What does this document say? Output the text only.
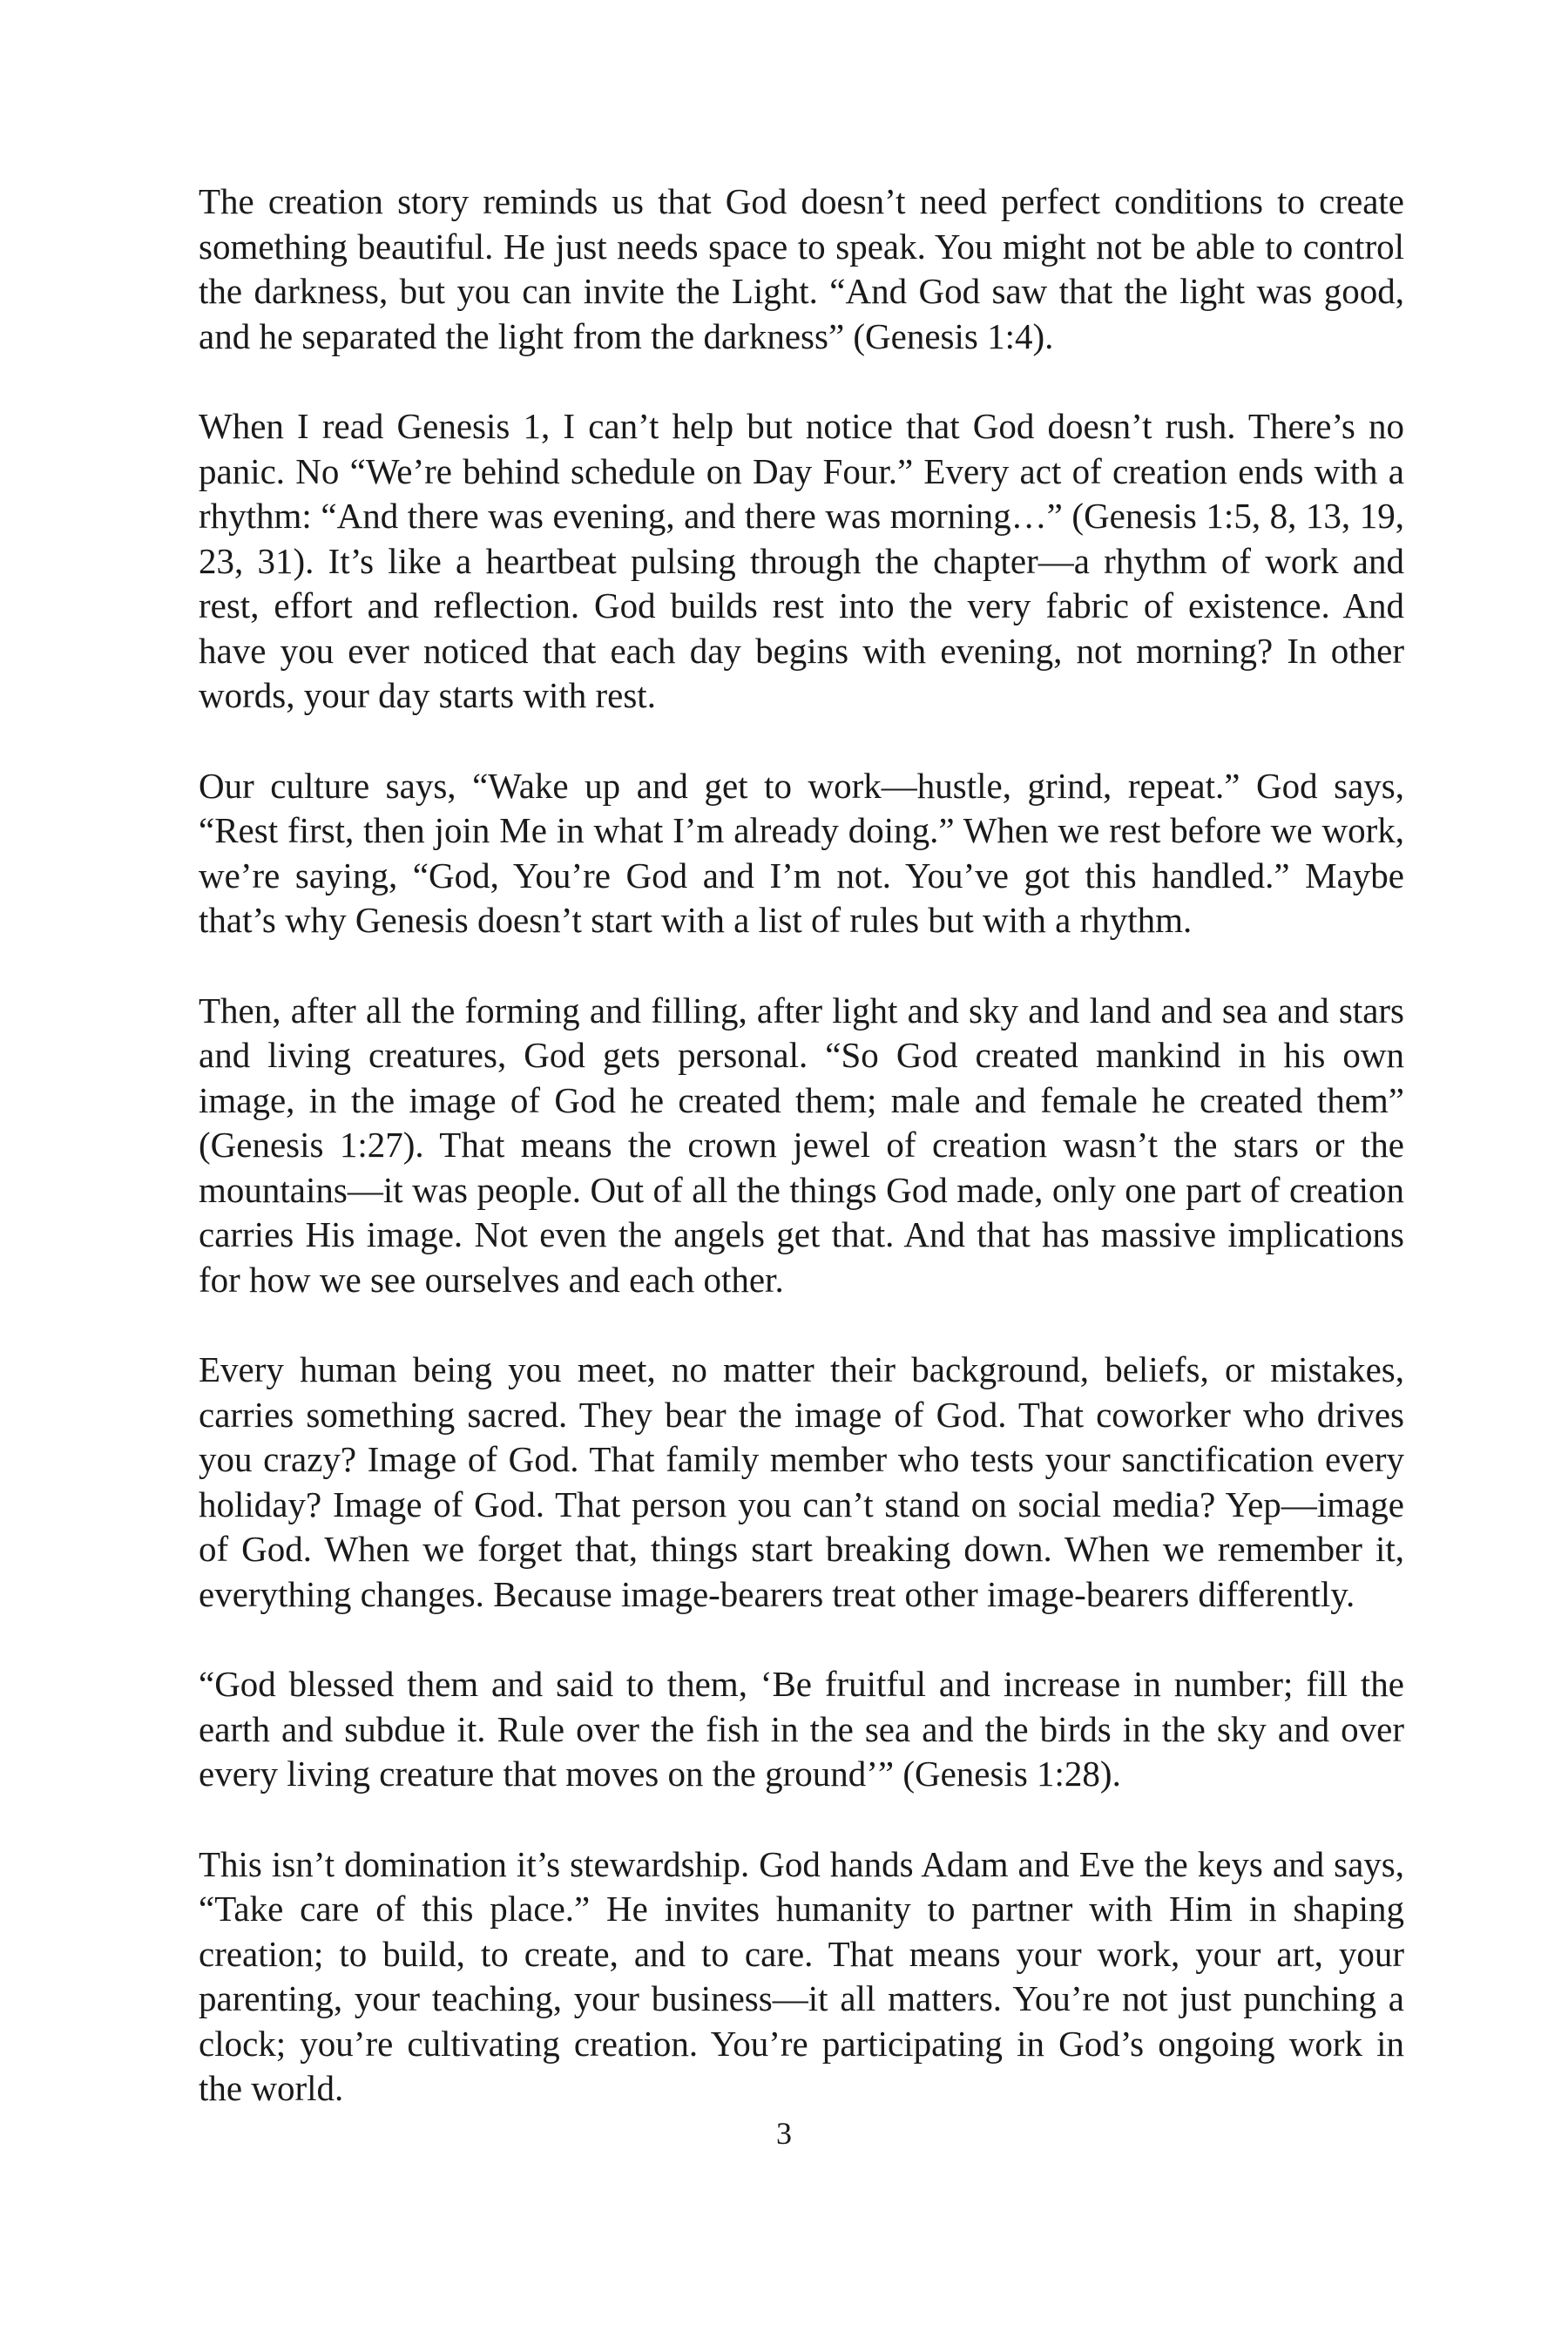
The creation story reminds us that God doesn’t need perfect conditions to create something beautiful. He just needs space to speak. You might not be able to control the darkness, but you can invite the Light. “And God saw that the light was good, and he separated the light from the darkness” (Genesis 1:4).

When I read Genesis 1, I can’t help but notice that God doesn’t rush. There’s no panic. No “We’re behind schedule on Day Four.” Every act of creation ends with a rhythm: “And there was evening, and there was morning…” (Genesis 1:5, 8, 13, 19, 23, 31). It’s like a heartbeat pulsing through the chapter—a rhythm of work and rest, effort and reflection. God builds rest into the very fabric of existence. And have you ever noticed that each day begins with evening, not morning? In other words, your day starts with rest.

Our culture says, “Wake up and get to work—hustle, grind, repeat.” God says, “Rest first, then join Me in what I’m already doing.” When we rest before we work, we’re saying, “God, You’re God and I’m not. You’ve got this handled.” Maybe that’s why Genesis doesn’t start with a list of rules but with a rhythm.

Then, after all the forming and filling, after light and sky and land and sea and stars and living creatures, God gets personal. “So God created mankind in his own image, in the image of God he created them; male and female he created them” (Genesis 1:27). That means the crown jewel of creation wasn’t the stars or the mountains—it was people. Out of all the things God made, only one part of creation carries His image. Not even the angels get that. And that has massive implications for how we see ourselves and each other.

Every human being you meet, no matter their background, beliefs, or mistakes, carries something sacred. They bear the image of God. That coworker who drives you crazy? Image of God. That family member who tests your sanctification every holiday? Image of God. That person you can’t stand on social media? Yep—image of God. When we forget that, things start breaking down. When we remember it, everything changes. Because image-bearers treat other image-bearers differently.

“God blessed them and said to them, ‘Be fruitful and increase in number; fill the earth and subdue it. Rule over the fish in the sea and the birds in the sky and over every living creature that moves on the ground’” (Genesis 1:28).

This isn’t domination it’s stewardship. God hands Adam and Eve the keys and says, “Take care of this place.” He invites humanity to partner with Him in shaping creation; to build, to create, and to care. That means your work, your art, your parenting, your teaching, your business—it all matters. You’re not just punching a clock; you’re cultivating creation. You’re participating in God’s ongoing work in the world.

3
